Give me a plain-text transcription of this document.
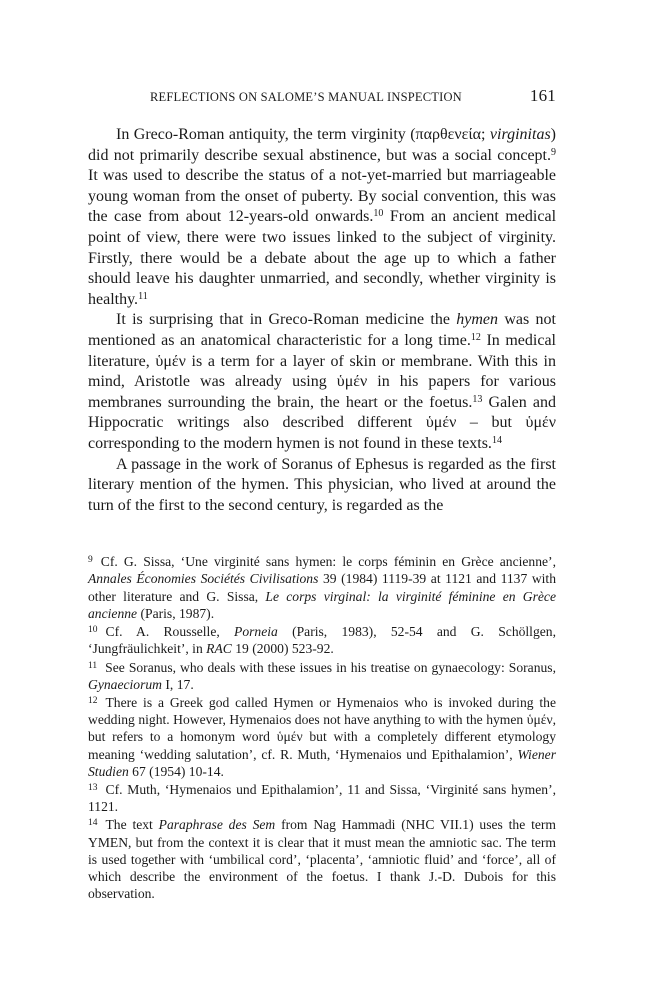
REFLECTIONS ON SALOME’S MANUAL INSPECTION	161

In Greco-Roman antiquity, the term virginity (παρθενεία; virginitas) did not primarily describe sexual abstinence, but was a social concept.$^9$ It was used to describe the status of a not-yet-married but marriageable young woman from the onset of puberty. By social convention, this was the case from about 12-years-old onwards.$^{10}$ From an ancient medical point of view, there were two issues linked to the subject of virginity. Firstly, there would be a debate about the age up to which a father should leave his daughter unmarried, and secondly, whether virginity is healthy.$^{11}$

It is surprising that in Greco-Roman medicine the hymen was not mentioned as an anatomical characteristic for a long time.$^{12}$ In medical literature, ὑμέν is a term for a layer of skin or membrane. With this in mind, Aristotle was already using ὑμέν in his papers for various membranes surrounding the brain, the heart or the foetus.$^{13}$ Galen and Hippocratic writings also described different ὑμέν – but ὑμέν corresponding to the modern hymen is not found in these texts.$^{14}$

A passage in the work of Soranus of Ephesus is regarded as the first literary mention of the hymen. This physician, who lived at around the turn of the first to the second century, is regarded as the

$^9$ Cf. G. Sissa, ‘Une virginité sans hymen: le corps féminin en Grèce ancienne’, Annales Économies Sociétés Civilisations 39 (1984) 1119-39 at 1121 and 1137 with other literature and G. Sissa, Le corps virginal: la virginité féminine en Grèce ancienne (Paris, 1987).

$^{10}$ Cf. A. Rousselle, Porneia (Paris, 1983), 52-54 and G. Schöllgen, ‘Jungfräulichkeit’, in RAC 19 (2000) 523-92.

$^{11}$ See Soranus, who deals with these issues in his treatise on gynaecology: Soranus, Gynaeciorum I, 17.

$^{12}$ There is a Greek god called Hymen or Hymenaios who is invoked during the wedding night. However, Hymenaios does not have anything to with the hymen ὑμέν, but refers to a homonym word ὑμέν but with a completely different etymology meaning ‘wedding salutation’, cf. R. Muth, ‘Hymenaios und Epithalamion’, Wiener Studien 67 (1954) 10-14.

$^{13}$ Cf. Muth, ‘Hymenaios und Epithalamion’, 11 and Sissa, ‘Virginité sans hymen’, 1121.

$^{14}$ The text Paraphrase des Sem from Nag Hammadi (NHC VII.1) uses the term YMEN, but from the context it is clear that it must mean the amniotic sac. The term is used together with ‘umbilical cord’, ‘placenta’, ‘amniotic fluid’ and ‘force’, all of which describe the environment of the foetus. I thank J.-D. Dubois for this observation.
